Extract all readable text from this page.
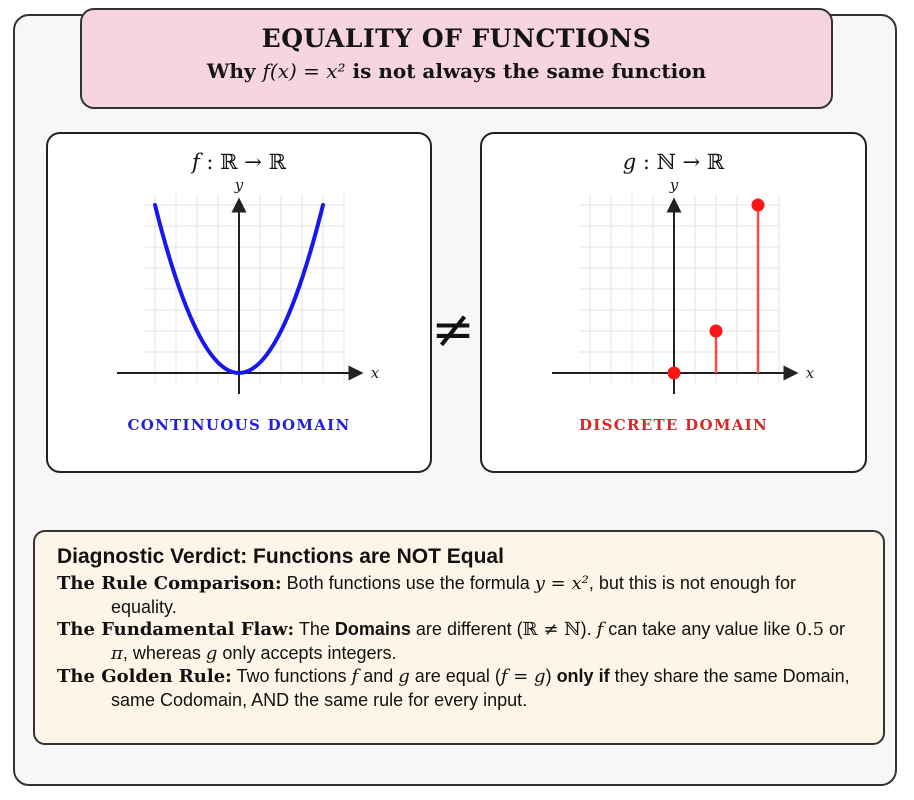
EQUALITY OF FUNCTIONS
Why f(x) = x² is not always the same function
f : ℝ → ℝ
x
y
CONTINUOUS DOMAIN
≠
g : ℕ → ℝ
x
y
DISCRETE DOMAIN
Diagnostic Verdict: Functions are NOT Equal
The Rule Comparison: Both functions use the formula y = x², but this is not enough for equality.
The Fundamental Flaw: The Domains are different (ℝ ≠ ℕ). f can take any value like 0.5 or π, whereas g only accepts integers.
The Golden Rule: Two functions f and g are equal (f = g) only if they share the same Domain, same Codomain, AND the same rule for every input.
